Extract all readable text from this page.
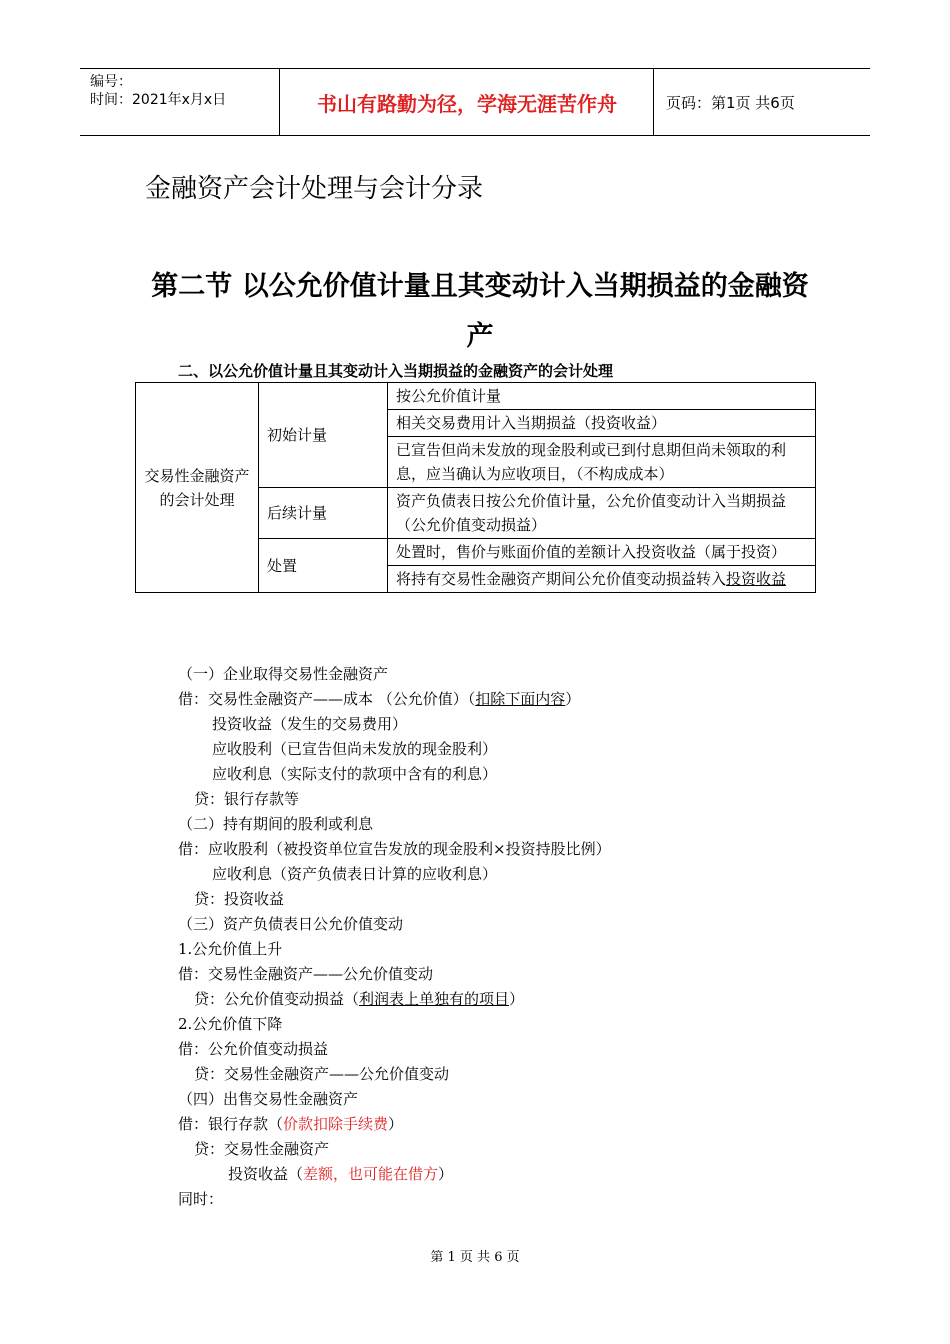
编号：
时间：2021年x月x日	书山有路勤为径，学海无涯苦作舟	页码：第1页 共6页
金融资产会计处理与会计分录
第二节 以公允价值计量且其变动计入当期损益的金融资产
二、以公允价值计量且其变动计入当期损益的金融资产的会计处理
交易性金融资产的会计处理	初始计量	按公允价值计量
		相关交易费用计入当期损益（投资收益）
		已宣告但尚未发放的现金股利或已到付息期但尚未领取的利息，应当确认为应收项目，（不构成成本）
	后续计量	资产负债表日按公允价值计量，公允价值变动计入当期损益（公允价值变动损益）
	处置	处置时，售价与账面价值的差额计入投资收益（属于投资）
		将持有交易性金融资产期间公允价值变动损益转入投资收益
（一）企业取得交易性金融资产
借：交易性金融资产——成本 （公允价值）（扣除下面内容）
投资收益（发生的交易费用）
应收股利（已宣告但尚未发放的现金股利）
应收利息（实际支付的款项中含有的利息）
贷：银行存款等
（二）持有期间的股利或利息
借：应收股利（被投资单位宣告发放的现金股利×投资持股比例）
应收利息（资产负债表日计算的应收利息）
贷：投资收益
（三）资产负债表日公允价值变动
1.公允价值上升
借：交易性金融资产——公允价值变动
贷：公允价值变动损益（利润表上单独有的项目）
2.公允价值下降
借：公允价值变动损益
贷：交易性金融资产——公允价值变动
（四）出售交易性金融资产
借：银行存款（价款扣除手续费）
贷：交易性金融资产
投资收益（差额，也可能在借方）
同时：
第 1 页 共 6 页
